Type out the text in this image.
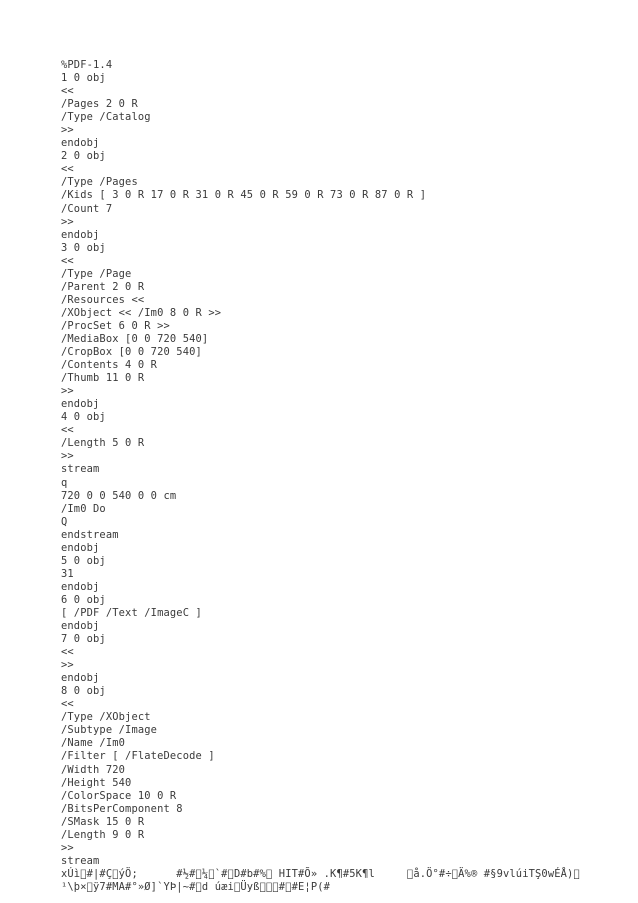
%PDF-1.4
1 0 obj
<<
/Pages 2 0 R
/Type /Catalog
>>
endobj
2 0 obj
<<
/Type /Pages
/Kids [ 3 0 R 17 0 R 31 0 R 45 0 R 59 0 R 73 0 R 87 0 R ]
/Count 7
>>
endobj
3 0 obj
<<
/Type /Page
/Parent 2 0 R
/Resources <<
/XObject << /Im0 8 0 R >>
/ProcSet 6 0 R >>
/MediaBox [0 0 720 540]
/CropBox [0 0 720 540]
/Contents 4 0 R
/Thumb 11 0 R
>>
endobj
4 0 obj
<<
/Length 5 0 R
>>
stream
q
720 0 0 540 0 0 cm
/Im0 Do
Q
endstream
endobj
5 0 obj
31
endobj
6 0 obj
[ /PDF /Text /ImageC ]
endobj
7 0 obj
<<
>>
endobj
8 0 obj
<<
/Type /XObject
/Subtype /Image
/Name /Im0
/Filter [ /FlateDecode ]
/Width 720
/Height 540
/ColorSpace 10 0 R
/BitsPerComponent 8
/SMask 15 0 R
/Length 9 0 R
>>
stream
xÚì #|#Ç ýÖ;      #½# ¼ `# D#b#%  HIT#Õ» .K¶#5K¶l      å.Ö°#÷ Ä%® #§9vlúiTŞ0wÉÅ) 
¹\þ× ÿ7#MA#°»Ø]`YÞ|~# d úæi Üyß   # #E¦P(#
